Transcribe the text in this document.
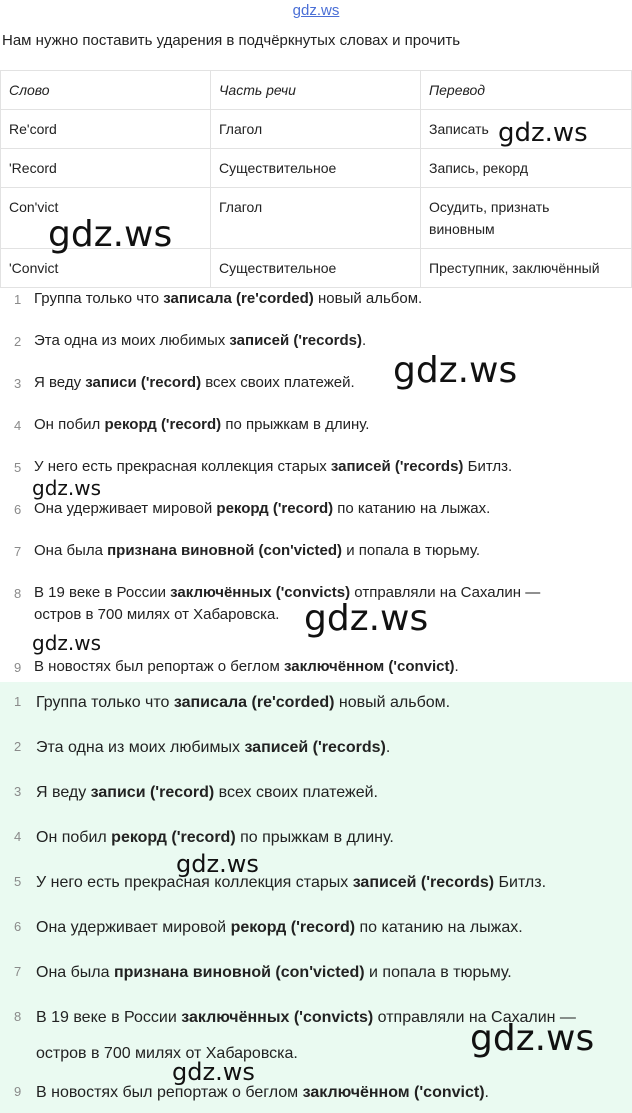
gdz.ws
Нам нужно поставить ударения в подчёркнутых словах и прочить
Слово	Часть речи	Перевод
Re'cord	Глагол	Записать
'Record	Существительное	Запись, рекорд
Con'vict	Глагол	Осудить, признать виновным
'Convict	Существительное	Преступник, заключённый
1 Группа только что записала (re'corded) новый альбом.
2 Эта одна из моих любимых записей ('records).
3 Я веду записи ('record) всех своих платежей.
4 Он побил рекорд ('record) по прыжкам в длину.
5 У него есть прекрасная коллекция старых записей ('records) Битлз.
6 Она удерживает мировой рекорд ('record) по катанию на лыжах.
7 Она была признана виновной (con'victed) и попала в тюрьму.
8 В 19 веке в России заключённых ('convicts) отправляли на Сахалин —
остров в 700 милях от Хабаровска.
9 В новостях был репортаж о беглом заключённом ('convict).
1 Группа только что записала (re'corded) новый альбом.
2 Эта одна из моих любимых записей ('records).
3 Я веду записи ('record) всех своих платежей.
4 Он побил рекорд ('record) по прыжкам в длину.
5 У него есть прекрасная коллекция старых записей ('records) Битлз.
6 Она удерживает мировой рекорд ('record) по катанию на лыжах.
7 Она была признана виновной (con'victed) и попала в тюрьму.
8 В 19 веке в России заключённых ('convicts) отправляли на Сахалин —
остров в 700 милях от Хабаровска.
9 В новостях был репортаж о беглом заключённом ('convict).
gdz.ws
gdz.ws
gdz.ws
gdz.ws
gdz.ws
gdz.ws
gdz.ws
gdz.ws
gdz.ws
